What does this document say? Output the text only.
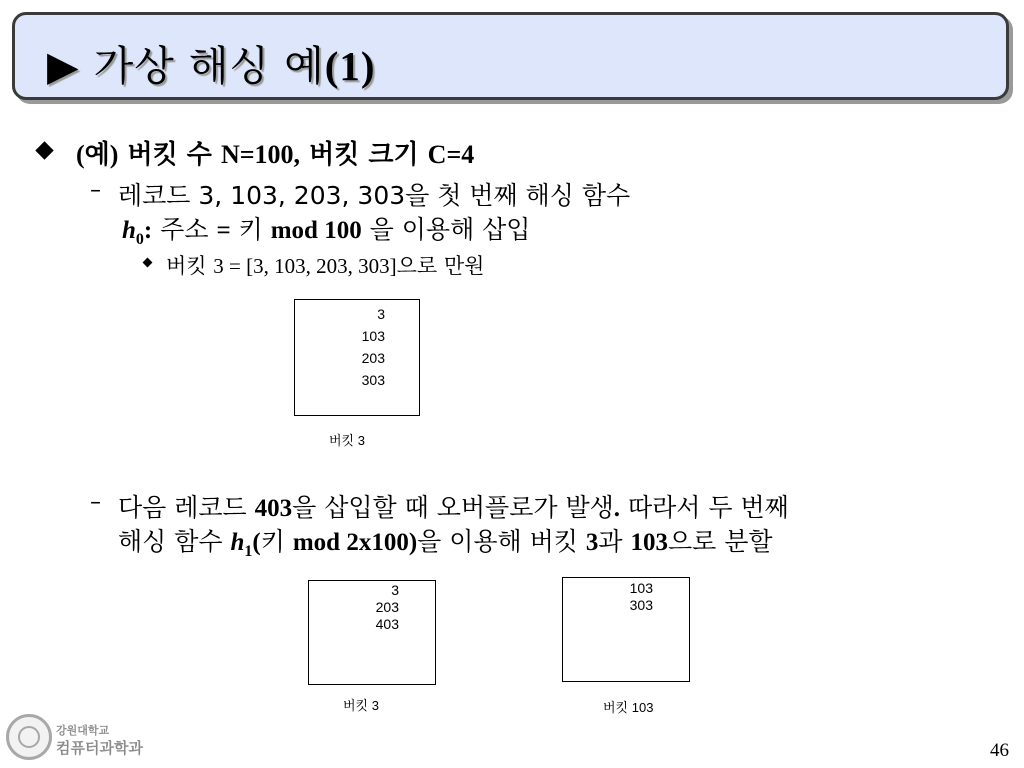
▶ 가상 해싱 예(1)
(예) 버킷 수 N=100, 버킷 크기 C=4
– 레코드 3, 103, 203, 303을 첫 번째 해싱 함수
$h_0$: 주소 = 키 mod 100 을 이용해 삽입
버킷 3 = [3, 103, 203, 303]으로 만원
3
103
203
303
버킷 3
– 다음 레코드 403을 삽입할 때 오버플로가 발생. 따라서 두 번째
해싱 함수 $h_1$(키 mod 2x100)을 이용해 버킷 3과 103으로 분할
3
203
403
버킷 3
103
303
버킷 103
강원대학교
컴퓨터과학과	46
